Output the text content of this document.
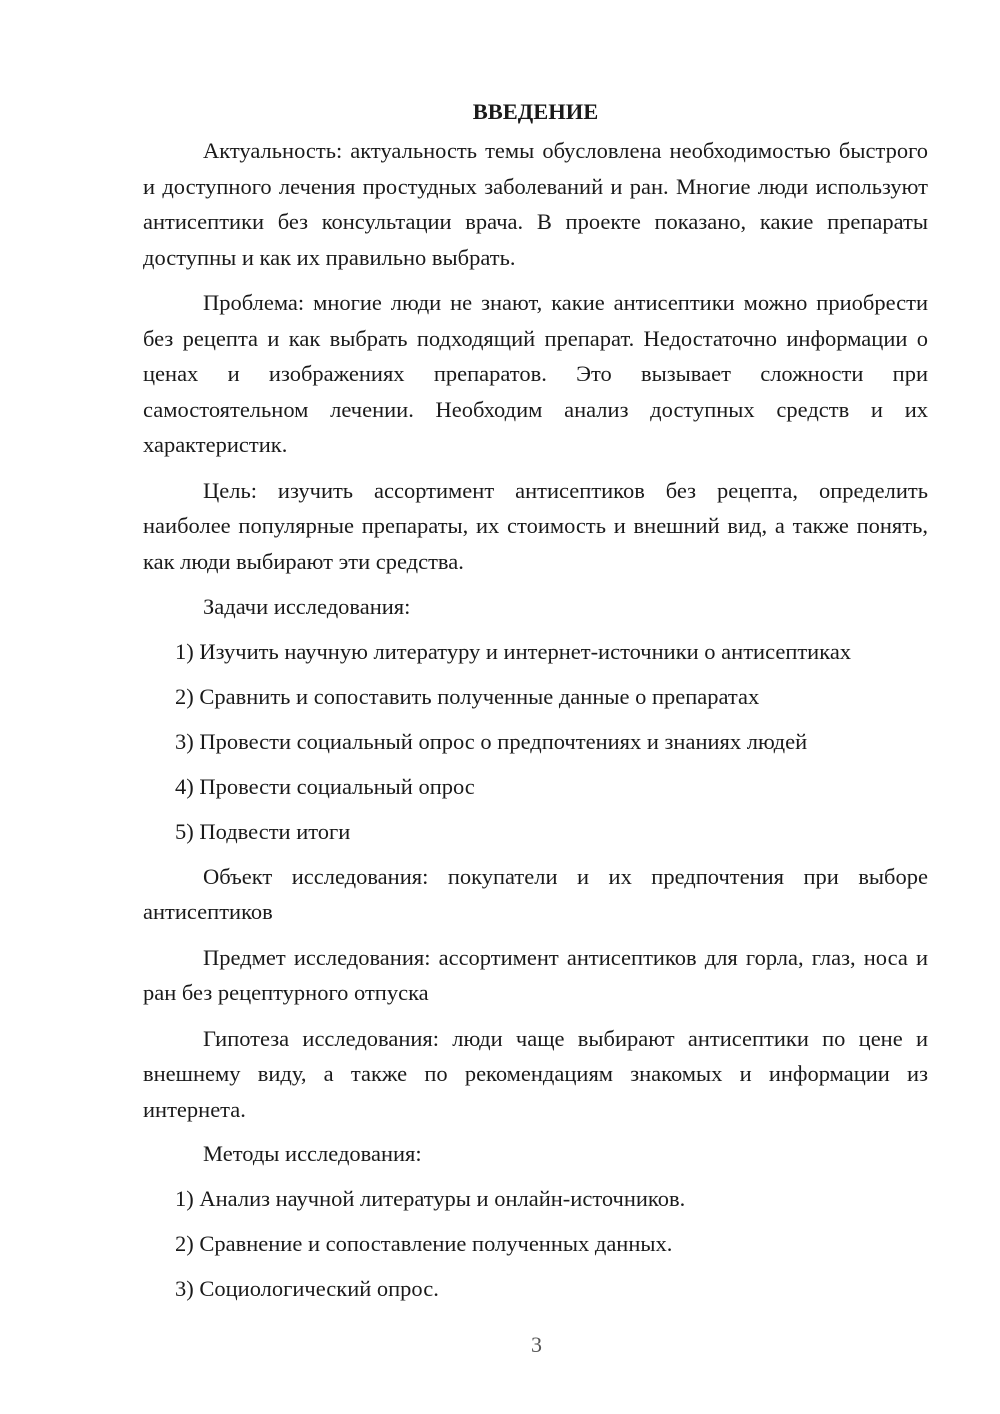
ВВЕДЕНИЕ

Актуальность: актуальность темы обусловлена необходимостью быстрого и доступного лечения простудных заболеваний и ран. Многие люди используют антисептики без консультации врача. В проекте показано, какие препараты доступны и как их правильно выбрать.

Проблема: многие люди не знают, какие антисептики можно приобрести без рецепта и как выбрать подходящий препарат. Недостаточно информации о ценах и изображениях препаратов. Это вызывает сложности при самостоятельном лечении. Необходим анализ доступных средств и их характеристик.

Цель: изучить ассортимент антисептиков без рецепта, определить наиболее популярные препараты, их стоимость и внешний вид, а также понять, как люди выбирают эти средства.

Задачи исследования:

1) Изучить научную литературу и интернет-источники о антисептиках
2) Сравнить и сопоставить полученные данные о препаратах
3) Провести социальный опрос о предпочтениях и знаниях людей
4) Провести социальный опрос
5) Подвести итоги

Объект исследования: покупатели и их предпочтения при выборе антисептиков

Предмет исследования: ассортимент антисептиков для горла, глаз, носа и ран без рецептурного отпуска

Гипотеза исследования: люди чаще выбирают антисептики по цене и внешнему виду, а также по рекомендациям знакомых и информации из интернета.

Методы исследования:

1) Анализ научной литературы и онлайн-источников.
2) Сравнение и сопоставление полученных данных.
3) Социологический опрос.
3
